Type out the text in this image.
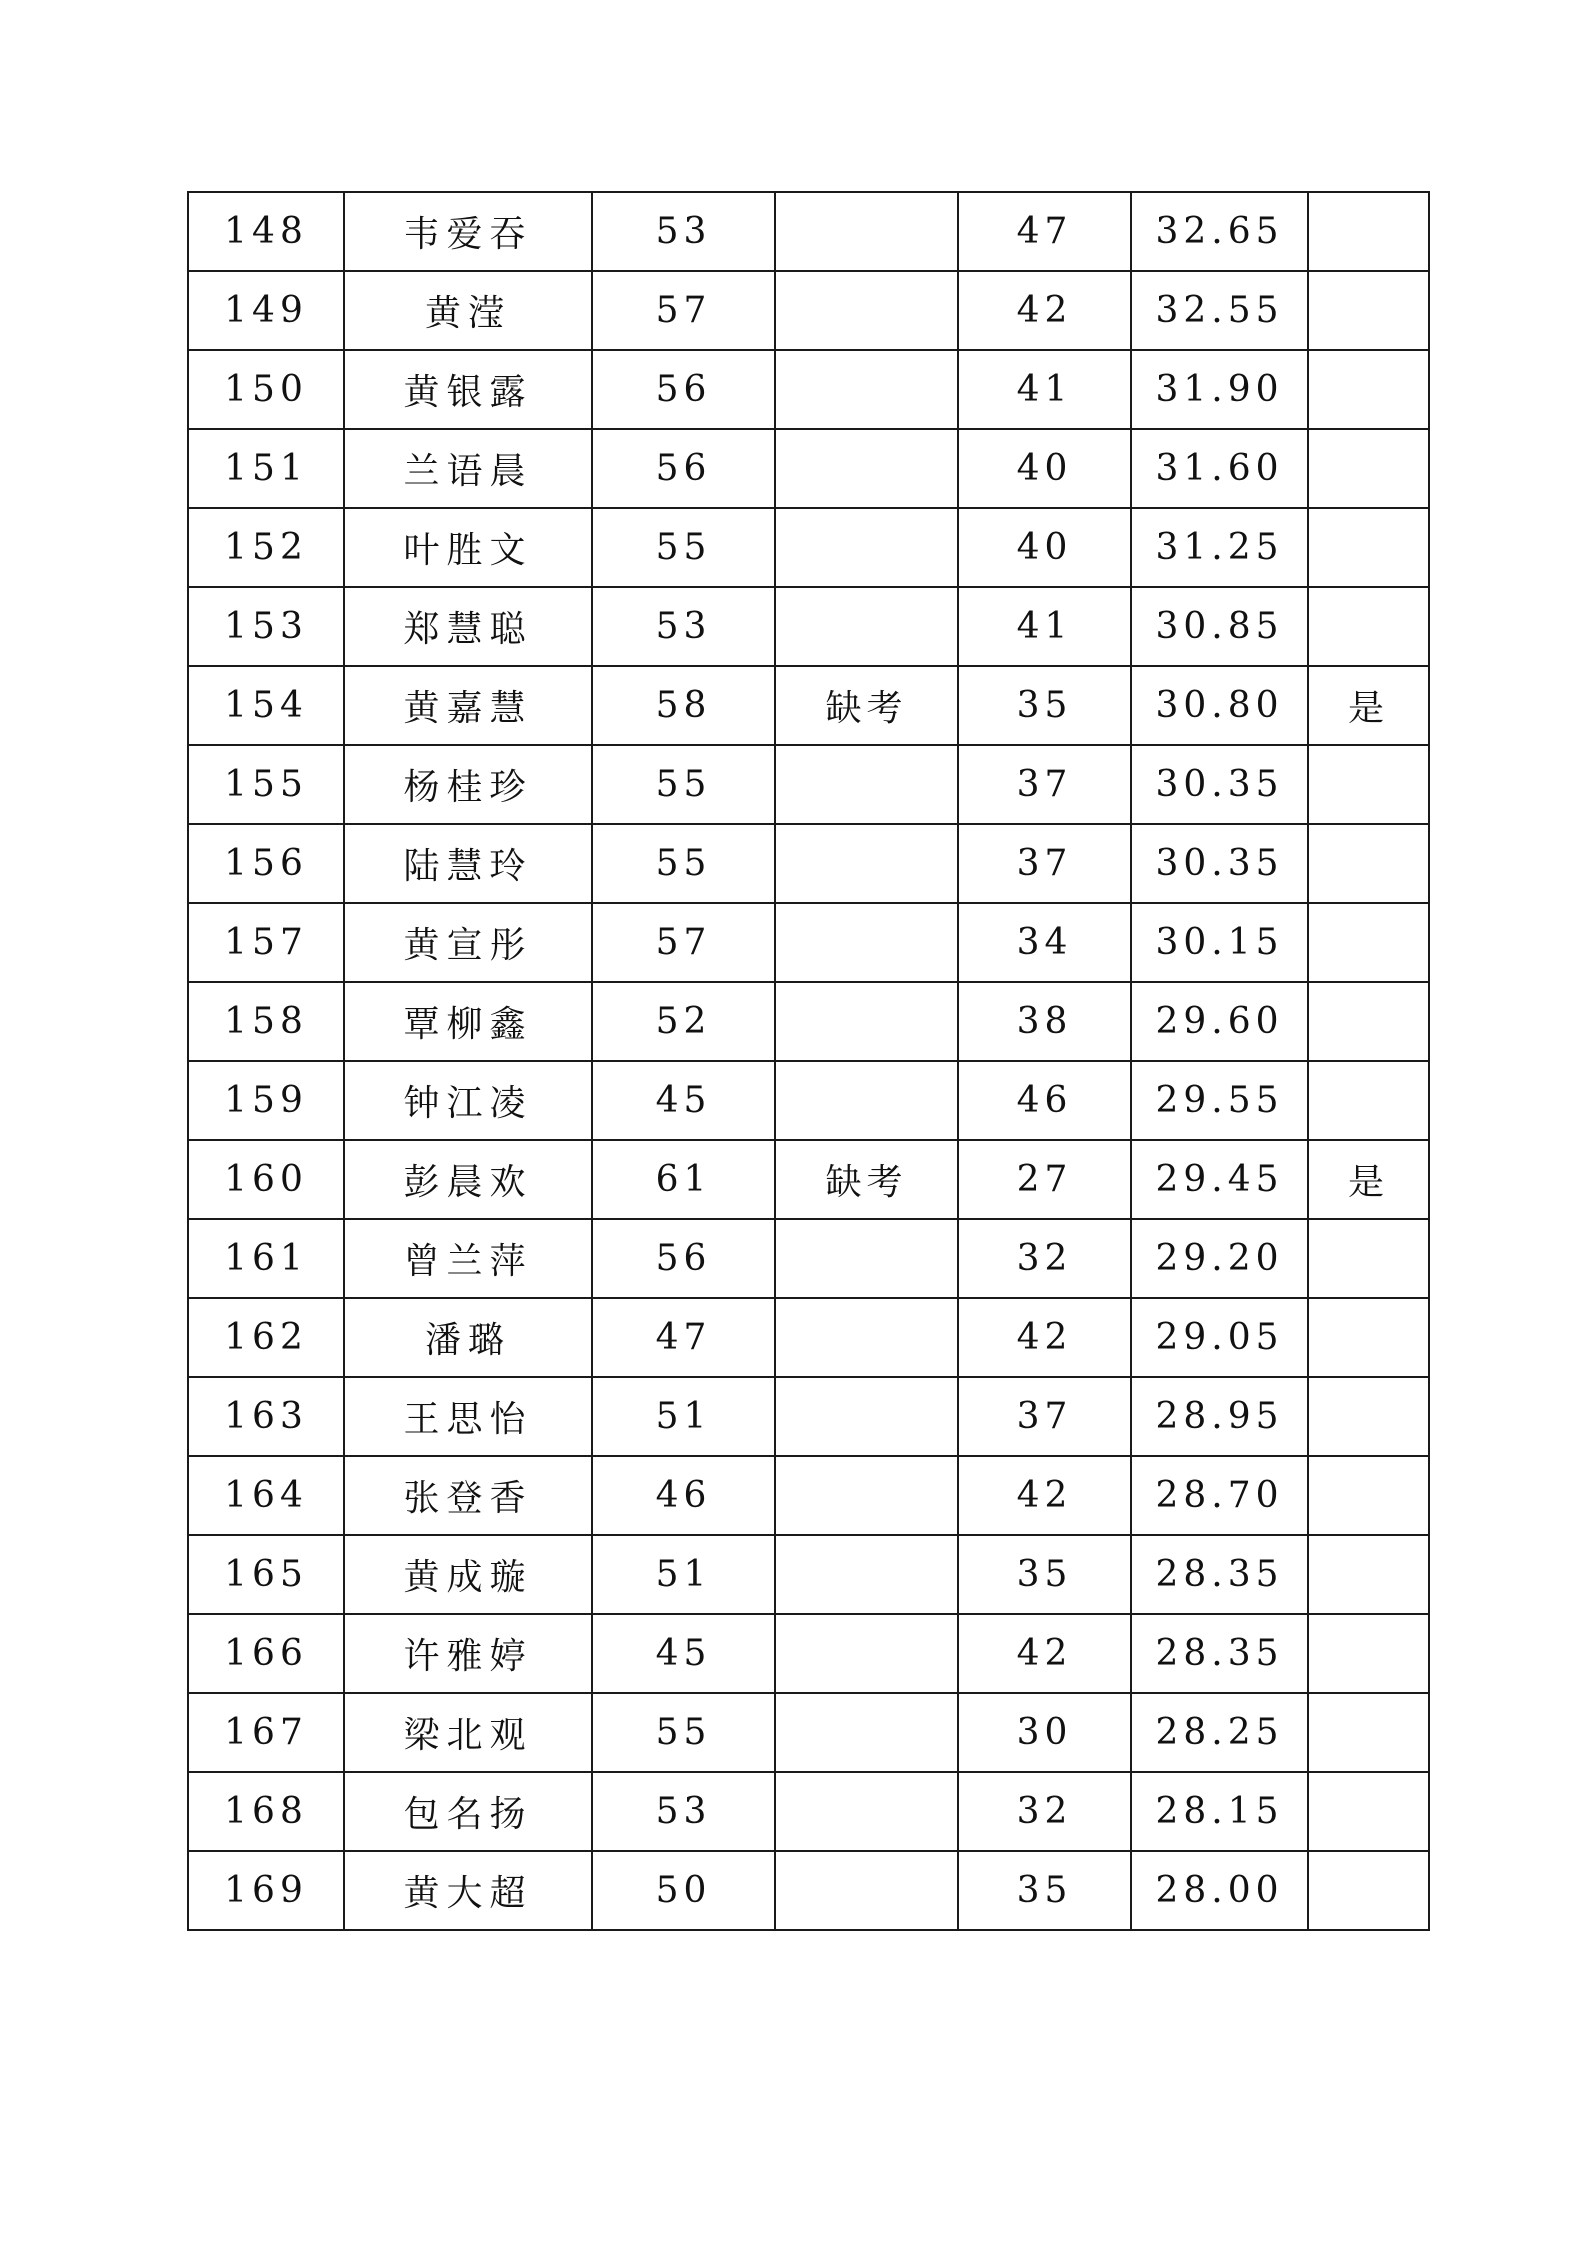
148	韦爱吞	53		47	32.65	
149	黄滢	57		42	32.55	
150	黄银露	56		41	31.90	
151	兰语晨	56		40	31.60	
152	叶胜文	55		40	31.25	
153	郑慧聪	53		41	30.85	
154	黄嘉慧	58	缺考	35	30.80	是
155	杨桂珍	55		37	30.35	
156	陆慧玲	55		37	30.35	
157	黄宣彤	57		34	30.15	
158	覃柳鑫	52		38	29.60	
159	钟江凌	45		46	29.55	
160	彭晨欢	61	缺考	27	29.45	是
161	曾兰萍	56		32	29.20	
162	潘璐	47		42	29.05	
163	王思怡	51		37	28.95	
164	张登香	46		42	28.70	
165	黄成璇	51		35	28.35	
166	许雅婷	45		42	28.35	
167	梁北观	55		30	28.25	
168	包名扬	53		32	28.15	
169	黄大超	50		35	28.00	
